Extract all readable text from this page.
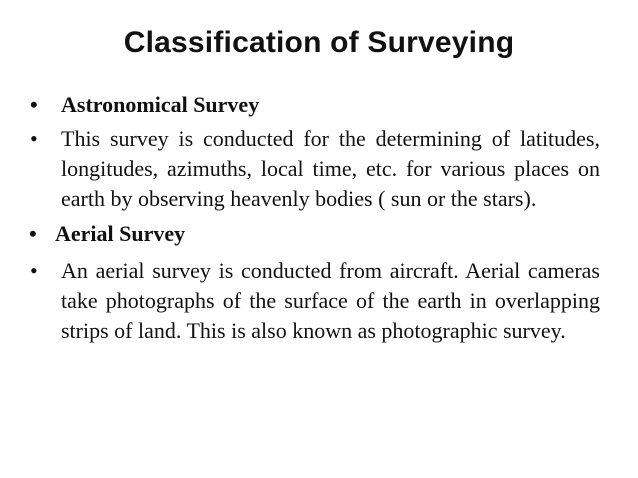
Classification of Surveying
• Astronomical Survey
• This survey is conducted for the determining of latitudes, longitudes, azimuths, local time, etc. for various places on earth by observing heavenly bodies ( sun or the stars).
• Aerial Survey
• An aerial survey is conducted from aircraft. Aerial cameras take photographs of the surface of the earth in overlapping strips of land. This is also known as photographic survey.
